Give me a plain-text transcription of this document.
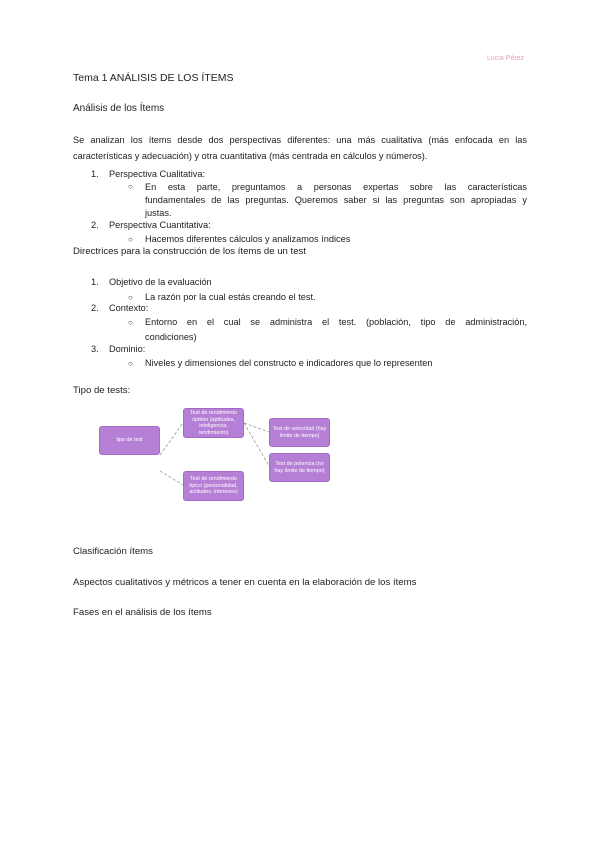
Lucia Pérez
Tema 1 ANÁLISIS DE LOS ÍTEMS
Análisis de los Ítems
Se analizan los ítems desde dos perspectivas diferentes: una más cualitativa (más enfocada en las
características y adecuación) y otra cuantitativa (más centrada en cálculos y números).
1. Perspectiva Cualitativa:
○ En esta parte, preguntamos a personas expertas sobre las características
fundamentales de las preguntas. Queremos saber si las preguntas son apropiadas y
justas.
2. Perspectiva Cuantitativa:
○ Hacemos diferentes cálculos y analizamos índices
Directrices para la construcción de los ítems de un test
1. Objetivo de la evaluación
○ La razón por la cual estás creando el test.
2. Contexto:
○ Entorno en el cual se administra el test. (población, tipo de administración,
condiciones)
3. Dominio:
○ Niveles y dimensiones del constructo e indicadores que lo representen
Tipo de tests:
tipo de test
Test de rendimiento óptimo (aptitudes, inteligencia, rendimiento)
Test de rendimiento típico (personalidad, actitudes, intereses)
Test de velocidad (hay límite de tiempo)
Test de potencia (no hay límite de tiempo)
Clasificación ítems
Aspectos cualitativos y métricos a tener en cuenta en la elaboración de los ítems
Fases en el análisis de los ítems
